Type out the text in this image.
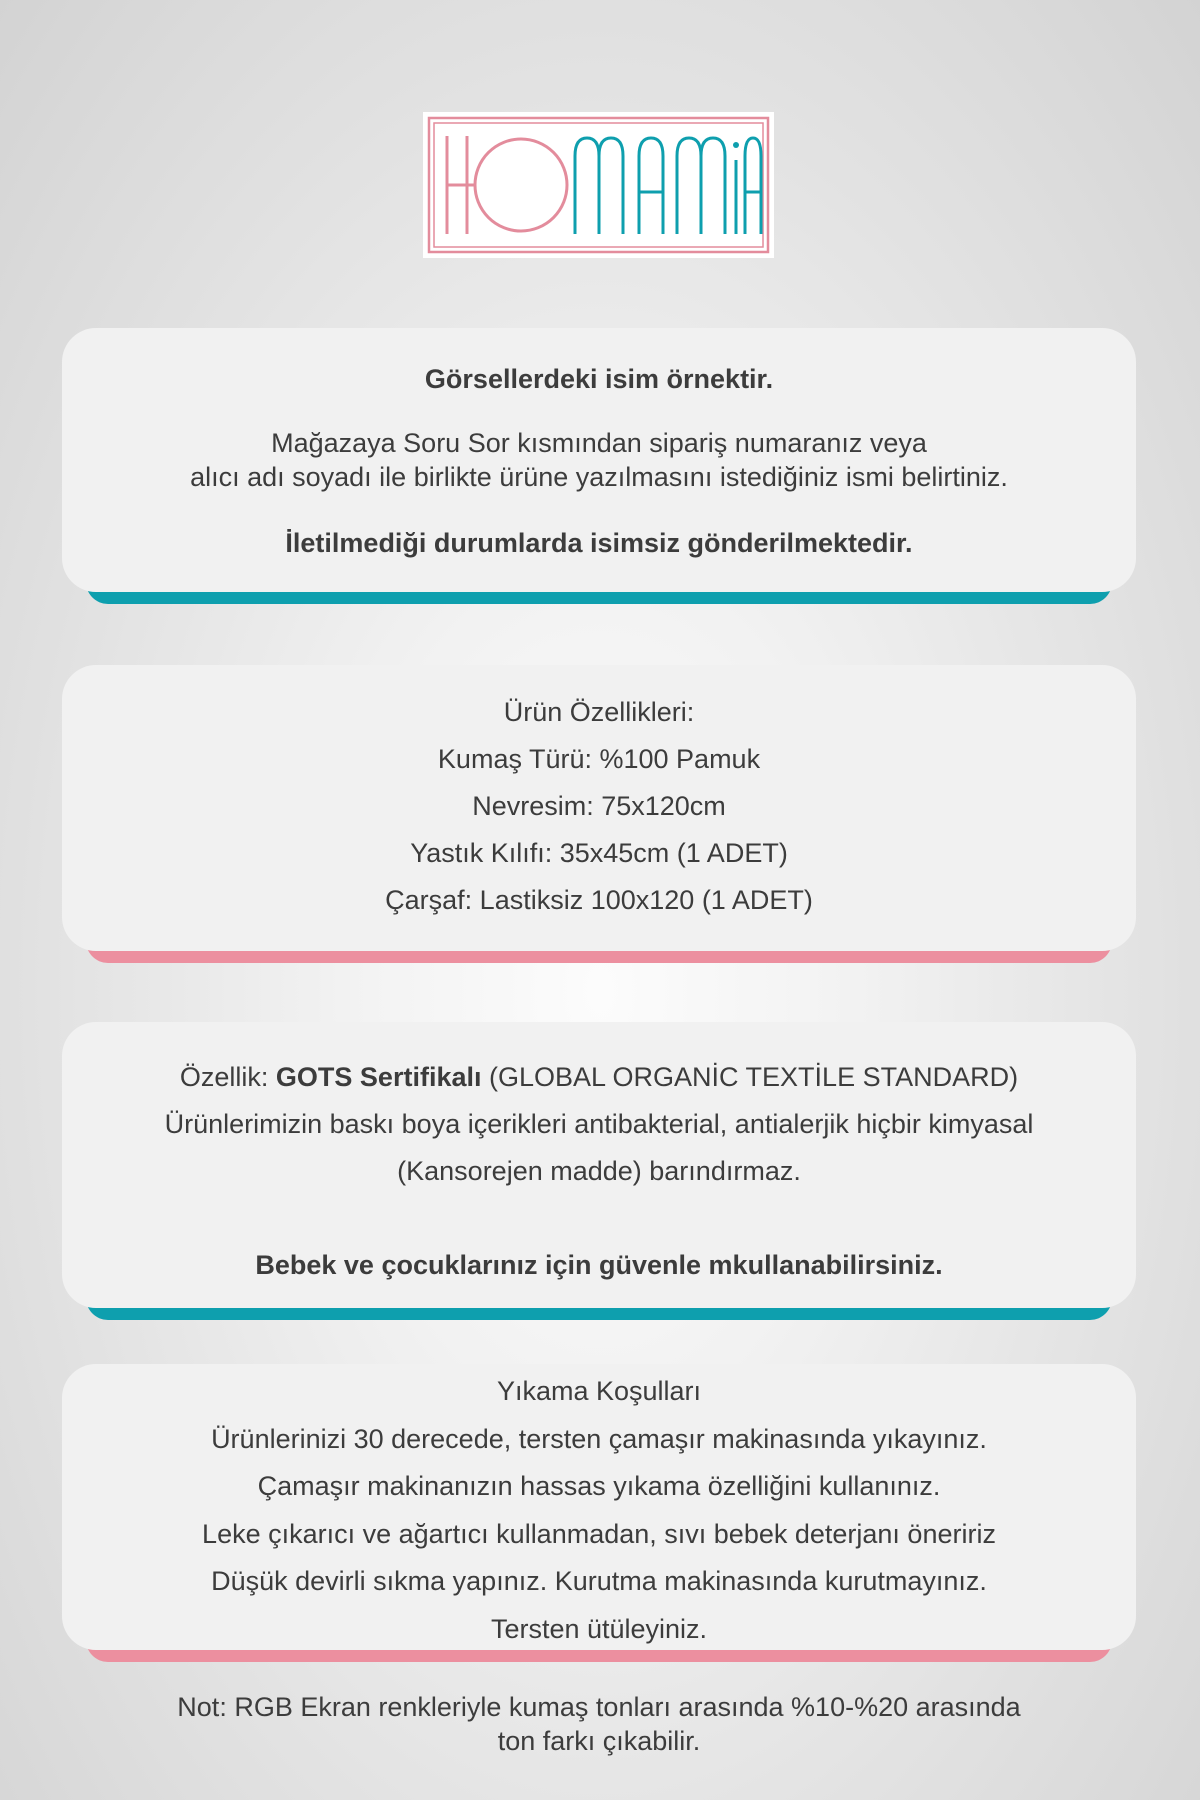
Görsellerdeki isim örnektir.

Mağazaya Soru Sor kısmından sipariş numaranız veya

alıcı adı soyadı ile birlikte ürüne yazılmasını istediğiniz ismi belirtiniz.

İletilmediği durumlarda isimsiz gönderilmektedir.

Ürün Özellikleri:

Kumaş Türü: %100 Pamuk

Nevresim: 75x120cm

Yastık Kılıfı: 35x45cm (1 ADET)

Çarşaf: Lastiksiz 100x120 (1 ADET)

Özellik: GOTS Sertifikalı (GLOBAL ORGANİC TEXTİLE STANDARD)

Ürünlerimizin baskı boya içerikleri antibakterial, antialerjik hiçbir kimyasal

(Kansorejen madde) barındırmaz.

Bebek ve çocuklarınız için güvenle mkullanabilirsiniz.

Yıkama Koşulları

Ürünlerinizi 30 derecede, tersten çamaşır makinasında yıkayınız.

Çamaşır makinanızın hassas yıkama özelliğini kullanınız.

Leke çıkarıcı ve ağartıcı kullanmadan, sıvı bebek deterjanı öneririz

Düşük devirli sıkma yapınız. Kurutma makinasında kurutmayınız.

Tersten ütüleyiniz.

Not: RGB Ekran renkleriyle kumaş tonları arasında %10-%20 arasında

ton farkı çıkabilir.
